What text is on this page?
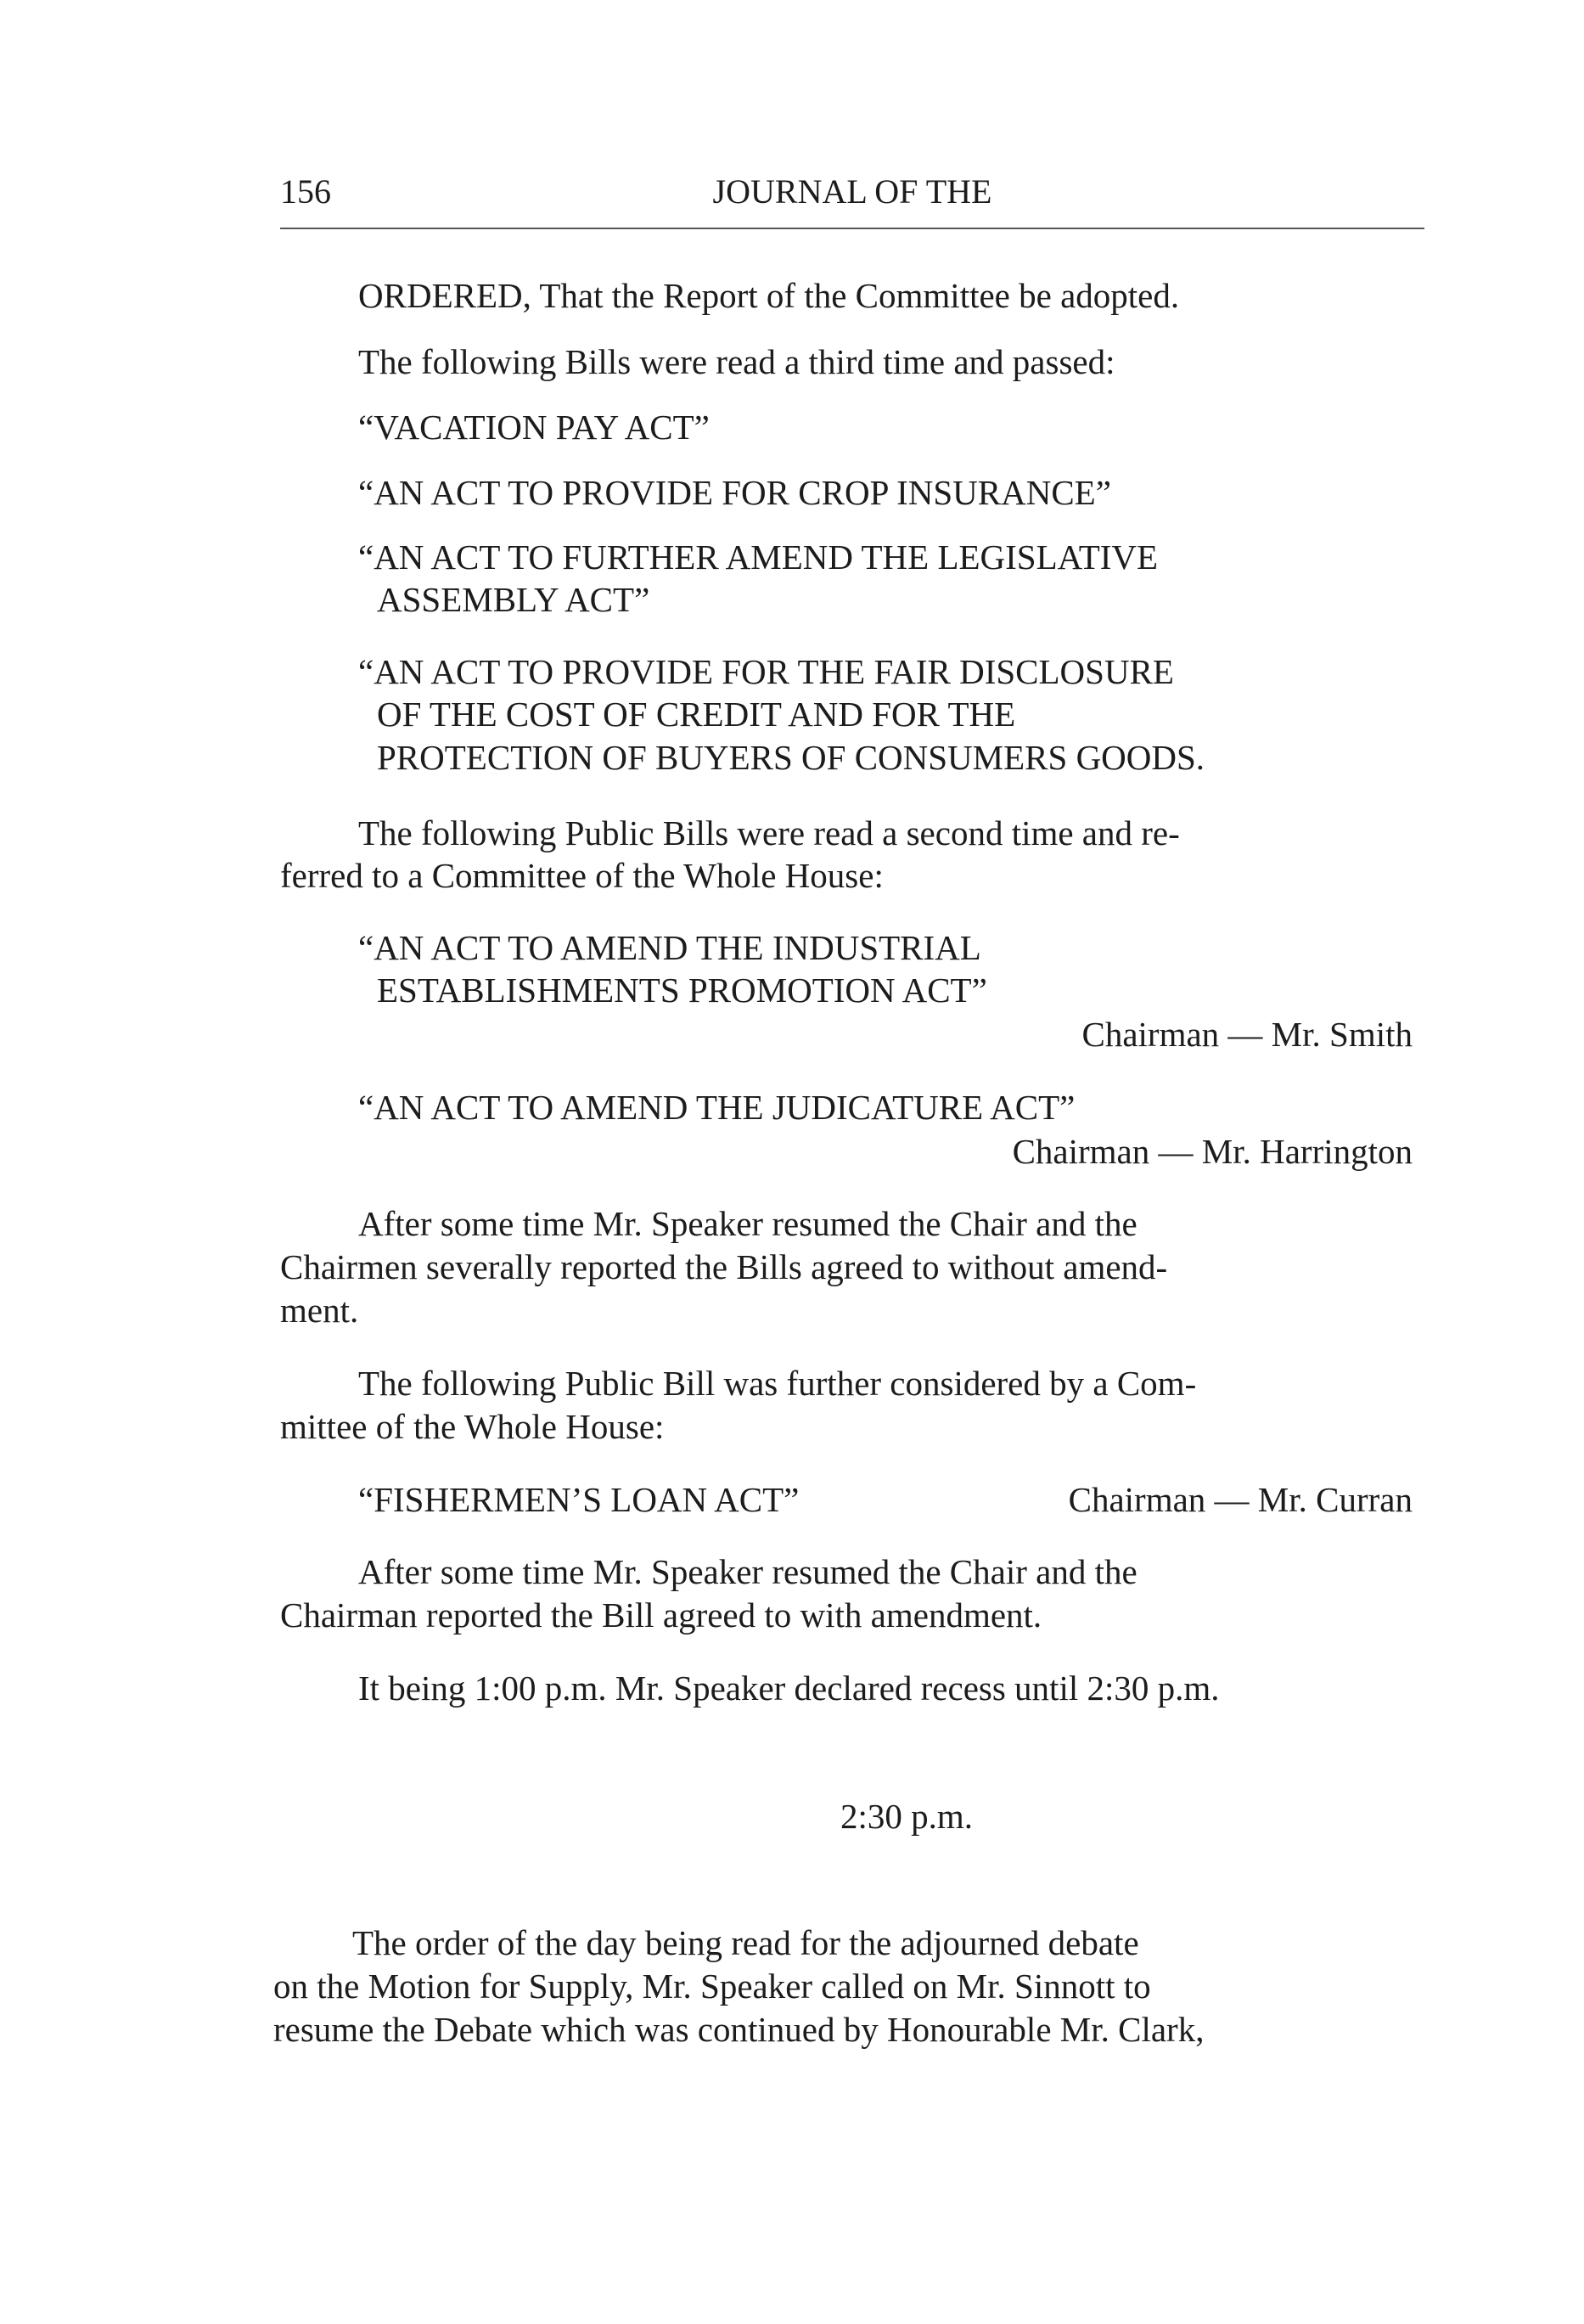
156	JOURNAL OF THE
ORDERED, That the Report of the Committee be adopted.
The following Bills were read a third time and passed:
“VACATION PAY ACT”
“AN ACT TO PROVIDE FOR CROP INSURANCE”
“AN ACT TO FURTHER AMEND THE LEGISLATIVE
ASSEMBLY ACT”
“AN ACT TO PROVIDE FOR THE FAIR DISCLOSURE
OF THE COST OF CREDIT AND FOR THE
PROTECTION OF BUYERS OF CONSUMERS GOODS.
The following Public Bills were read a second time and re-
ferred to a Committee of the Whole House:
“AN ACT TO AMEND THE INDUSTRIAL
ESTABLISHMENTS PROMOTION ACT”
Chairman — Mr. Smith
“AN ACT TO AMEND THE JUDICATURE ACT”
Chairman — Mr. Harrington
After some time Mr. Speaker resumed the Chair and the
Chairmen severally reported the Bills agreed to without amend-
ment.
The following Public Bill was further considered by a Com-
mittee of the Whole House:
“FISHERMEN’S LOAN ACT”	Chairman — Mr. Curran
After some time Mr. Speaker resumed the Chair and the
Chairman reported the Bill agreed to with amendment.
It being 1:00 p.m. Mr. Speaker declared recess until 2:30 p.m.
2:30 p.m.
The order of the day being read for the adjourned debate
on the Motion for Supply, Mr. Speaker called on Mr. Sinnott to
resume the Debate which was continued by Honourable Mr. Clark,
